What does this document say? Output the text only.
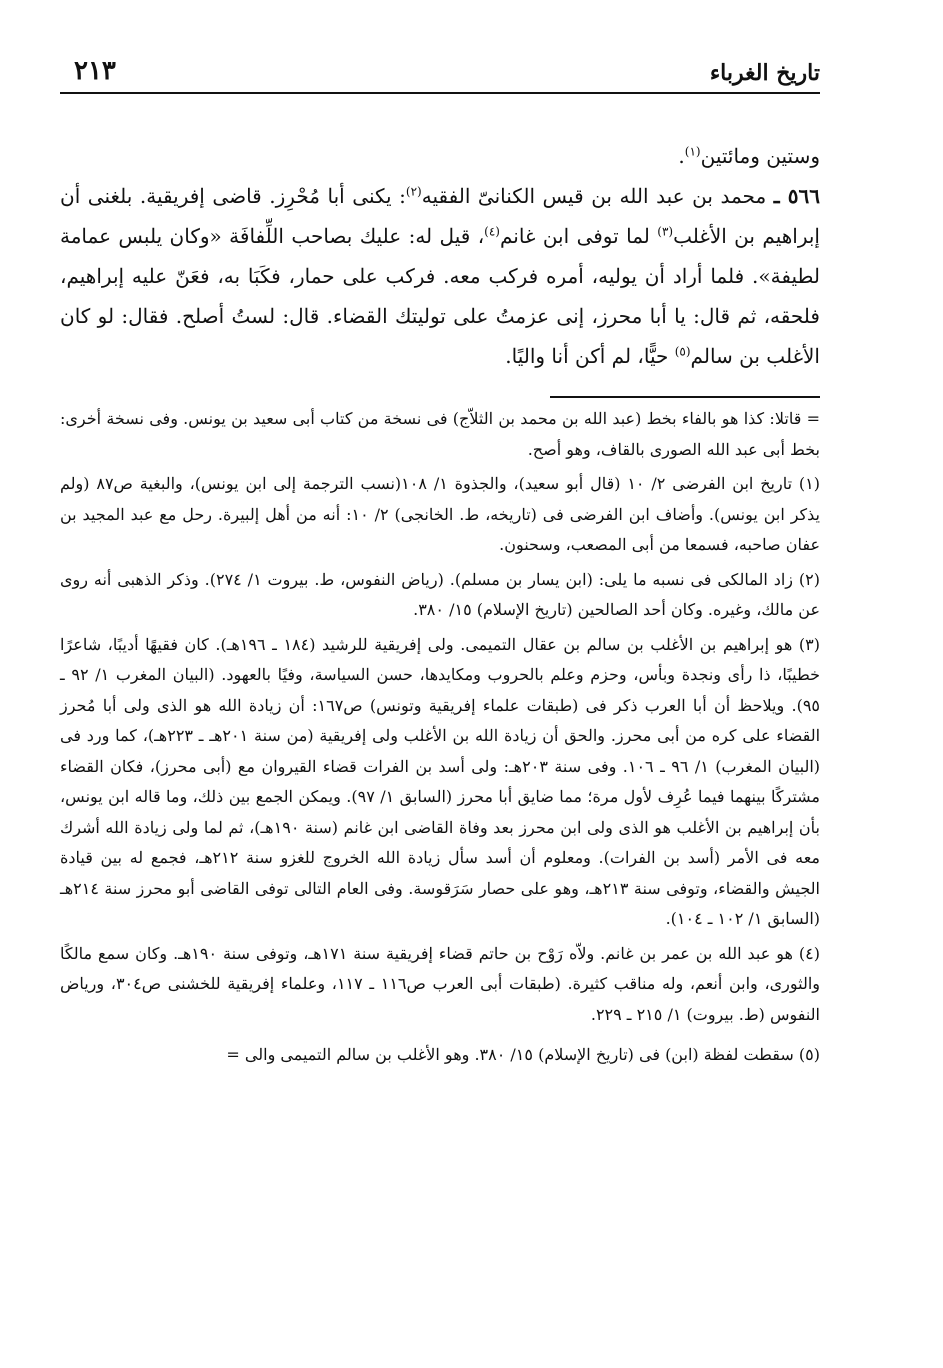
تاريخ الغرباء
٢١٣

وستين ومائتين$^{(١)}$.

٥٦٦ ـ محمد بن عبد الله بن قيس الكنانىّ الفقيه$^{(٢)}$: يكنى أبا مُحْرِز. قاضى إفريقية. بلغنى أن إبراهيم بن الأغلب$^{(٣)}$ لما توفى ابن غانم$^{(٤)}$، قيل له: عليك بصاحب اللِّفافَة «وكان يلبس عمامة لطيفة». فلما أراد أن يوليه، أمره فركب معه. فركب على حمار، فكَبَا به، فعَنّ عليه إبراهيم، فلحقه، ثم قال: يا أبا محرز، إنى عزمتُ على توليتك القضاء. قال: لستُ أصلح. فقال: لو كان الأغلب بن سالم$^{(٥)}$ حيًّا، لم أكن أنا واليًا.

= قاتلا: كذا هو بالفاء بخط (عبد الله بن محمد بن الثلاّج) فى نسخة من كتاب أبى سعيد بن يونس. وفى نسخة أخرى: بخط أبى عبد الله الصورى بالقاف، وهو أصح.

(١) تاريخ ابن الفرضى ٢/ ١٠ (قال أبو سعيد)، والجذوة ١/ ١٠٨(نسب الترجمة إلى ابن يونس)، والبغية ص٨٧ (ولم يذكر ابن يونس). وأضاف ابن الفرضى فى (تاريخه، ط. الخانجى) ٢/ ١٠: أنه من أهل إلبيرة. رحل مع عبد المجيد بن عفان صاحبه، فسمعا من أبى المصعب، وسحنون.

(٢) زاد المالكى فى نسبه ما يلى: (ابن يسار بن مسلم). (رياض النفوس، ط. بيروت ١/ ٢٧٤). وذكر الذهبى أنه روى عن مالك، وغيره. وكان أحد الصالحين (تاريخ الإسلام) ١٥/ ٣٨٠.

(٣) هو إبراهيم بن الأغلب بن سالم بن عقال التميمى. ولى إفريقية للرشيد (١٨٤ ـ ١٩٦هـ). كان فقيهًا أديبًا، شاعرًا خطيبًا، ذا رأى ونجدة وبأس، وحزم وعلم بالحروب ومكايدها، حسن السياسة، وفيًا بالعهود. (البيان المغرب ١/ ٩٢ ـ ٩٥). ويلاحظ أن أبا العرب ذكر فى (طبقات علماء إفريقية وتونس) ص١٦٧: أن زيادة الله هو الذى ولى أبا مُحرز القضاء على كره من أبى محرز. والحق أن زيادة الله بن الأغلب ولى إفريقية (من سنة ٢٠١هـ ـ ٢٢٣هـ)، كما ورد فى (البيان المغرب) ١/ ٩٦ ـ ١٠٦. وفى سنة ٢٠٣هـ: ولى أسد بن الفرات قضاء القيروان مع (أبى محرز)، فكان القضاء مشتركًا بينهما فيما عُرِف لأول مرة؛ مما ضايق أبا محرز (السابق ١/ ٩٧). ويمكن الجمع بين ذلك، وما قاله ابن يونس، بأن إبراهيم بن الأغلب هو الذى ولى ابن محرز بعد وفاة القاضى ابن غانم (سنة ١٩٠هـ)، ثم لما ولى زيادة الله أشرك معه فى الأمر (أسد بن الفرات). ومعلوم أن أسد سأل زيادة الله الخروج للغزو سنة ٢١٢هـ، فجمع له بين قيادة الجيش والقضاء، وتوفى سنة ٢١٣هـ، وهو على حصار سَرَقوسة. وفى العام التالى توفى القاضى أبو محرز سنة ٢١٤هـ (السابق ١/ ١٠٢ ـ ١٠٤).

(٤) هو عبد الله بن عمر بن غانم. ولاّه رَوْح بن حاتم قضاء إفريقية سنة ١٧١هـ، وتوفى سنة ١٩٠هـ. وكان سمع مالكًا والثورى، وابن أنعم، وله مناقب كثيرة. (طبقات أبى العرب ص١١٦ ـ ١١٧، وعلماء إفريقية للخشنى ص٣٠٤، ورياض النفوس (ط. بيروت) ١/ ٢١٥ ـ ٢٢٩.

(٥) سقطت لفظة (ابن) فى (تاريخ الإسلام) ١٥/ ٣٨٠. وهو الأغلب بن سالم التميمى والى =
